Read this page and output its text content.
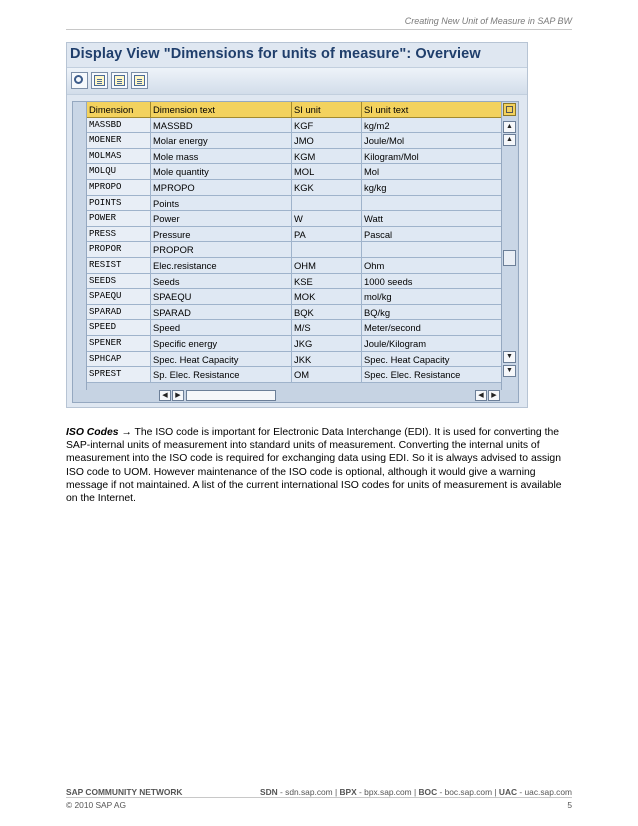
Creating New Unit of Measure in SAP BW
Display View "Dimensions for units of measure": Overview
Dimension	Dimension text	SI unit	SI unit text
MASSBD	MASSBD	KGF	kg/m2
MOENER	Molar energy	JMO	Joule/Mol
MOLMAS	Mole mass	KGM	Kilogram/Mol
MOLQU	Mole quantity	MOL	Mol
MPROPO	MPROPO	KGK	kg/kg
POINTS	Points
POWER	Power	W	Watt
PRESS	Pressure	PA	Pascal
PROPOR	PROPOR
RESIST	Elec.resistance	OHM	Ohm
SEEDS	Seeds	KSE	1000 seeds
SPAEQU	SPAEQU	MOK	mol/kg
SPARAD	SPARAD	BQK	BQ/kg
SPEED	Speed	M/S	Meter/second
SPENER	Specific energy	JKG	Joule/Kilogram
SPHCAP	Spec. Heat Capacity	JKK	Spec. Heat Capacity
SPREST	Sp. Elec. Resistance	OM	Spec. Elec. Resistance
▲
▲
▼
▼
◀	▶	◀	▶
ISO Codes → The ISO code is important for Electronic Data Interchange (EDI). It is used for converting the SAP-internal units of measurement into standard units of measurement. Converting the internal units of measurement into the ISO code is required for exchanging data using EDI. So it is always advised to assign ISO code to UOM. However maintenance of the ISO code is optional, although it would give a warning message if not maintained. A list of the current international ISO codes for units of measurement is available on the Internet.
SAP COMMUNITY NETWORK	SDN - sdn.sap.com | BPX - bpx.sap.com | BOC - boc.sap.com | UAC - uac.sap.com
© 2010 SAP AG	5
